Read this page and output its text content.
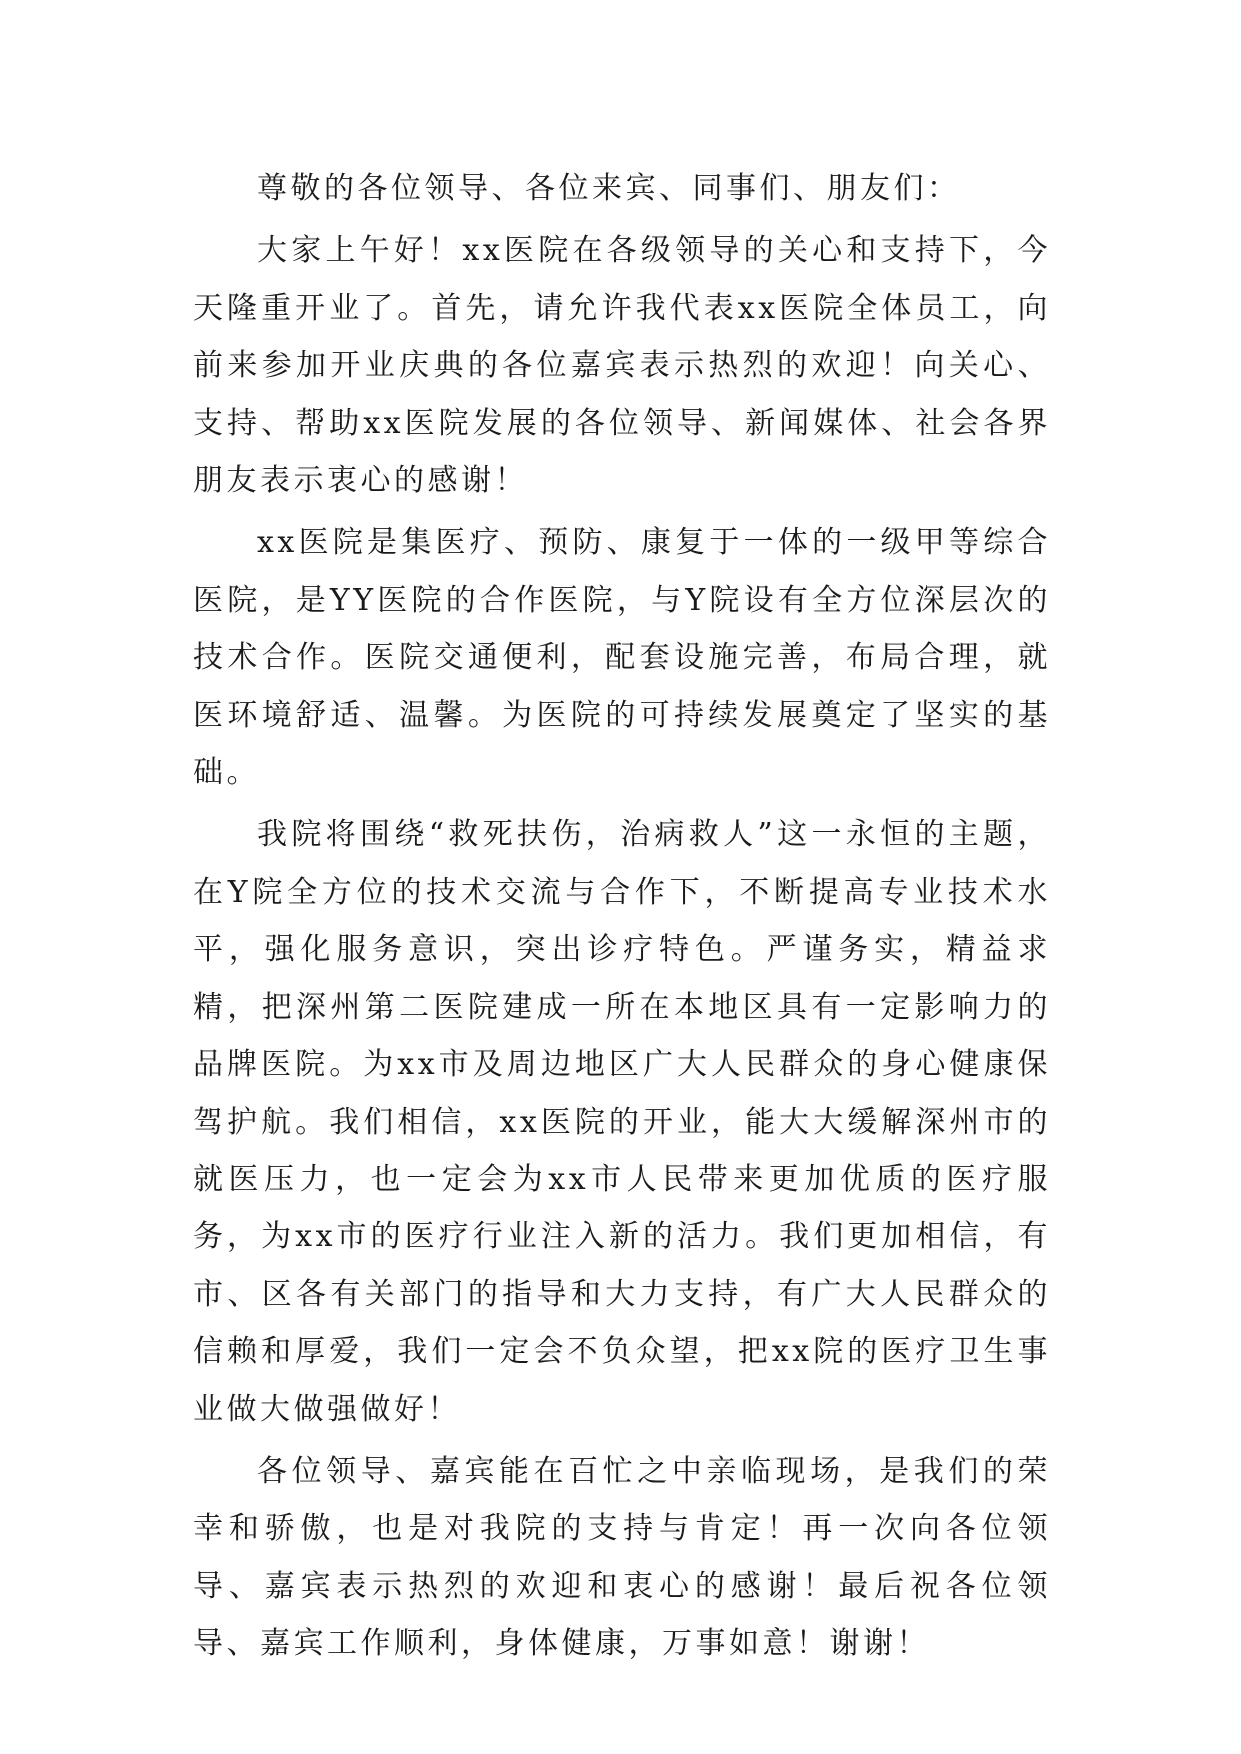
尊敬的各位领导、各位来宾、同事们、朋友们：

大家上午好！xx医院在各级领导的关心和支持下，今天隆重开业了。首先，请允许我代表xx医院全体员工，向前来参加开业庆典的各位嘉宾表示热烈的欢迎！向关心、支持、帮助xx医院发展的各位领导、新闻媒体、社会各界朋友表示衷心的感谢！

xx医院是集医疗、预防、康复于一体的一级甲等综合医院，是YY医院的合作医院，与Y院设有全方位深层次的技术合作。医院交通便利，配套设施完善，布局合理，就医环境舒适、温馨。为医院的可持续发展奠定了坚实的基础。

我院将围绕“救死扶伤，治病救人”这一永恒的主题，在Y院全方位的技术交流与合作下，不断提高专业技术水平，强化服务意识，突出诊疗特色。严谨务实，精益求精，把深州第二医院建成一所在本地区具有一定影响力的品牌医院。为xx市及周边地区广大人民群众的身心健康保驾护航。我们相信，xx医院的开业，能大大缓解深州市的就医压力，也一定会为xx市人民带来更加优质的医疗服务，为xx市的医疗行业注入新的活力。我们更加相信，有市、区各有关部门的指导和大力支持，有广大人民群众的信赖和厚爱，我们一定会不负众望，把xx院的医疗卫生事业做大做强做好！

各位领导、嘉宾能在百忙之中亲临现场，是我们的荣幸和骄傲，也是对我院的支持与肯定！再一次向各位领导、嘉宾表示热烈的欢迎和衷心的感谢！最后祝各位领导、嘉宾工作顺利，身体健康，万事如意！谢谢！
